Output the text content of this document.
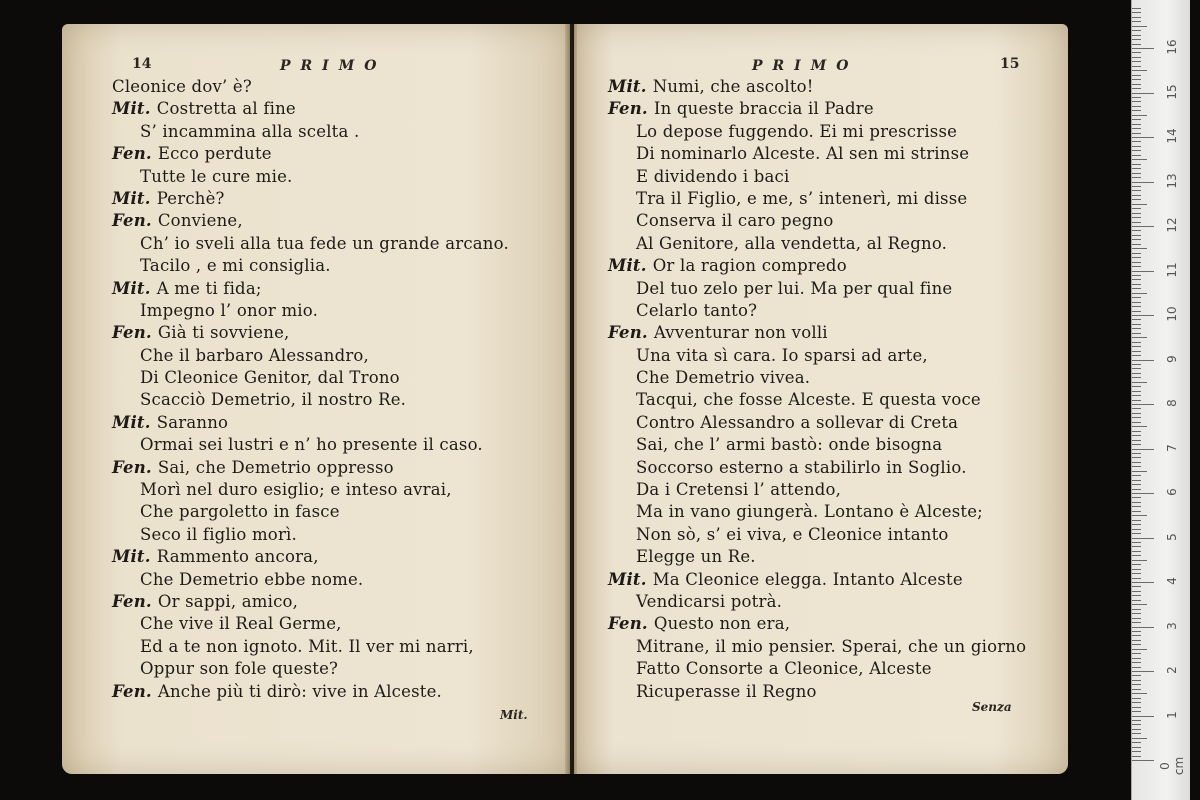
14	PRIMO
Cleonice dov’ è?
Mit. Costretta al fine
S’ incammina alla scelta .
Fen. Ecco perdute
Tutte le cure mie.
Mit. Perchè?
Fen. Conviene,
Ch’ io sveli alla tua fede un grande arcano.
Tacilo , e mi consiglia.
Mit. A me ti fida;
Impegno l’ onor mio.
Fen. Già ti sovviene,
Che il barbaro Alessandro,
Di Cleonice Genitor, dal Trono
Scacciò Demetrio, il nostro Re.
Mit. Saranno
Ormai sei lustri e n’ ho presente il caso.
Fen. Sai, che Demetrio oppresso
Morì nel duro esiglio; e inteso avrai,
Che pargoletto in fasce
Seco il figlio morì.
Mit. Rammento ancora,
Che Demetrio ebbe nome.
Fen. Or sappi, amico,
Che vive il Real Germe,
Ed a te non ignoto. Mit. Il ver mi narri,
Oppur son fole queste?
Fen. Anche più ti dirò: vive in Alceste.
Mit.
PRIMO	15
Mit. Numi, che ascolto!
Fen. In queste braccia il Padre
Lo depose fuggendo. Ei mi prescrisse
Di nominarlo Alceste. Al sen mi strinse
E dividendo i baci
Tra il Figlio, e me, s’ intenerì, mi disse
Conserva il caro pegno
Al Genitore, alla vendetta, al Regno.
Mit. Or la ragion compredo
Del tuo zelo per lui. Ma per qual fine
Celarlo tanto?
Fen. Avventurar non volli
Una vita sì cara. Io sparsi ad arte,
Che Demetrio vivea.
Tacqui, che fosse Alceste. E questa voce
Contro Alessandro a sollevar di Creta
Sai, che l’ armi bastò: onde bisogna
Soccorso esterno a stabilirlo in Soglio.
Da i Cretensi l’ attendo,
Ma in vano giungerà. Lontano è Alceste;
Non sò, s’ ei viva, e Cleonice intanto
Elegge un Re.
Mit. Ma Cleonice elegga. Intanto Alceste
Vendicarsi potrà.
Fen. Questo non era,
Mitrane, il mio pensier. Sperai, che un giorno
Fatto Consorte a Cleonice, Alceste
Ricuperasse il Regno
Senza
0 cm
1
2
3
4
5
6
7
8
9
10
11
12
13
14
15
16
